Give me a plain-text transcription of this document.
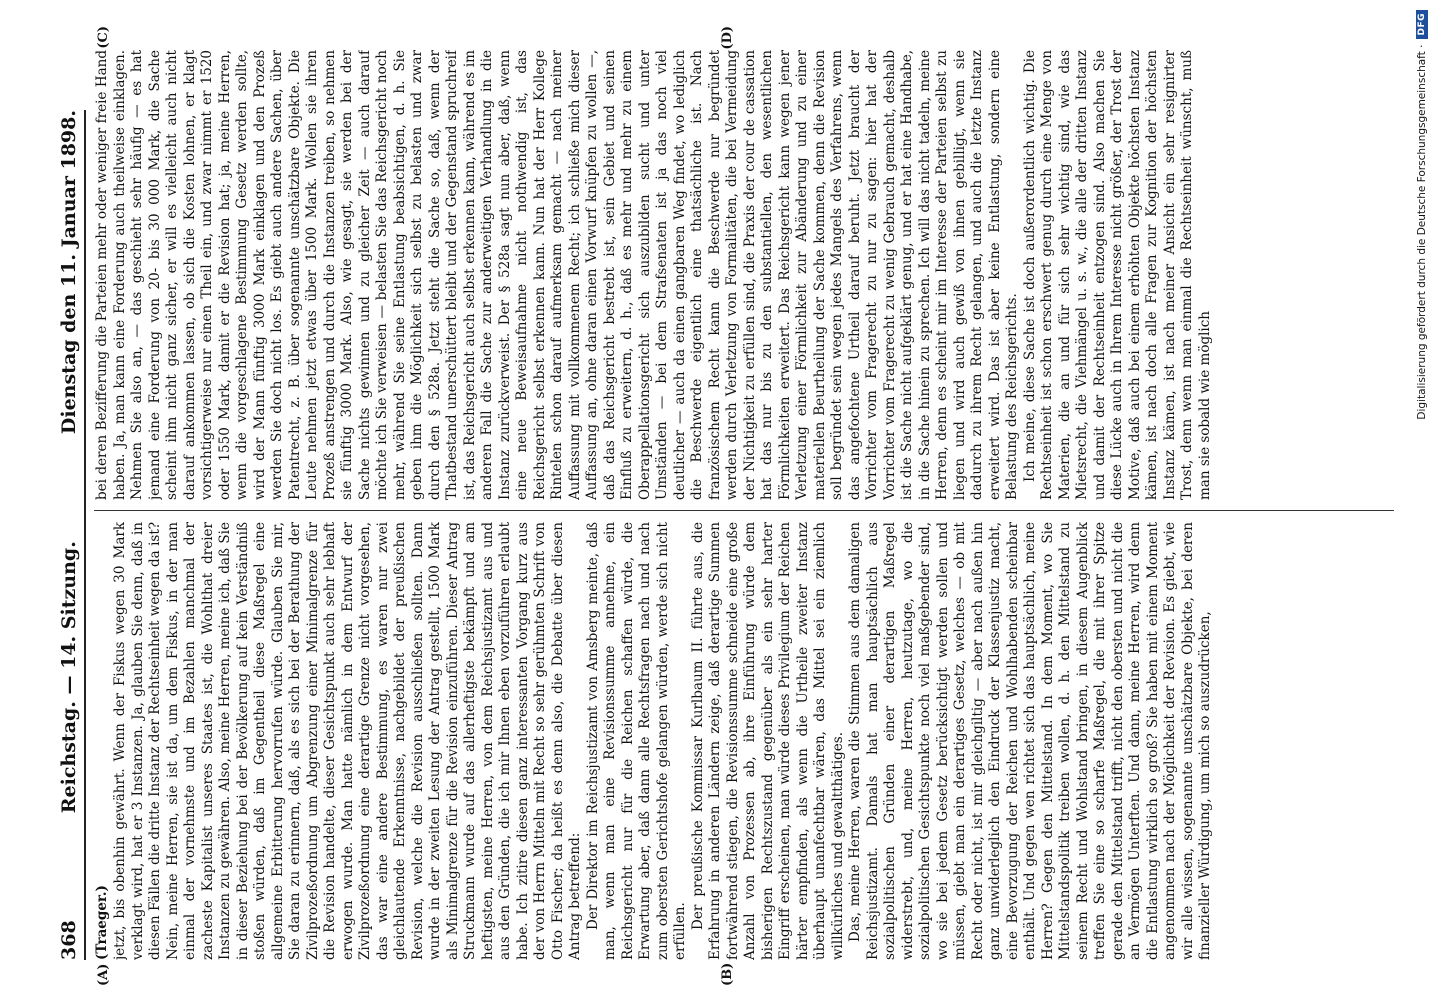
368
Reichstag. — 14. Sitzung.
Dienstag den 11. Januar 1898.
(Traeger.) jetzt, bis obenhin gewährt. Wenn der Fiskus wegen 30 Mark verklagt wird, hat er 3 Instanzen. Ja, glauben Sie denn, daß in diesen Fällen die dritte Instanz der Rechtseinheit wegen da ist? Nein, meine Herren, sie ist da, um dem Fiskus, in der man einmal der vornehmste und im Bezahlen manchmal der zacheste Kapitalist unseres Staates ist, die Wohlthat dreier Instanzen zu gewähren. Also, meine Herren, meine ich, daß Sie in dieser Beziehung bei der Bevölkerung auf kein Verständniß stoßen würden, daß im Gegentheil diese Maßregel eine allgemeine Erbitterung hervorrufen würde. Glauben Sie mir, Sie daran zu erinnern, daß, als es sich bei der Berathung der Zivilprozeßordnung um Abgrenzung einer Minimalgrenze für die Revision handelte, dieser Gesichtspunkt auch sehr lebhaft erwogen wurde. Man hatte nämlich in dem Entwurf der Zivilprozeßordnung eine derartige Grenze nicht vorgesehen, das war eine andere Bestimmung, es waren nur zwei gleichlautende Erkenntnisse, nachgebildet der preußischen Revision, welche die Revision ausschließen sollten. Dann wurde in der zweiten Lesung der Antrag gestellt, 1500 Mark als Minimalgrenze für die Revision einzuführen. Dieser Antrag Struckmann wurde auf das allerheftigste bekämpft und am heftigsten, meine Herren, von dem Reichsjustizamt aus und aus den Gründen, die ich mir Ihnen eben vorzuführen erlaubt habe. Ich zitire diesen ganz interessanten Vorgang kurz aus der von Herrn Mitteln mit Recht so sehr gerühmten Schrift von Otto Fischer; da heißt es denn also, die Debatte über diesen Antrag betreffend: Der Direktor im Reichsjustizamt von Amsberg meinte, daß man, wenn man eine Revisionssumme annehme, ein Reichsgericht nur für die Reichen schaffen würde, die Erwartung aber, daß dann alle Rechtsfragen nach und nach zum obersten Gerichtshofe gelangen würden, werde sich nicht erfüllen.

Der preußische Kommissar Kurlbaum II. führte aus, die Erfahrung in anderen Ländern zeige, daß derartige Summen fortwährend stiegen, die Revisionssumme schneide eine große Anzahl von Prozessen ab, ihre Einführung würde dem bisherigen Rechtszustand gegenüber als ein sehr harter Eingriff erscheinen, man würde dieses Privilegium der Reichen härter empfinden, als wenn die Urtheile zweiter Instanz überhaupt unanfechtbar wären, das Mittel sei ein ziemlich willkürliches und gewaltthätiges. Das, meine Herren, waren die Stimmen aus dem damaligen Reichsjustizamt. Damals hat man hauptsächlich aus sozialpolitischen Gründen einer derartigen Maßregel widerstrebt, und, meine Herren, heutzutage, wo die sozialpolitischen Gesichtspunkte noch viel maßgebender sind, wo sie bei jedem Gesetz berücksichtigt werden sollen und müssen, giebt man ein derartiges Gesetz, welches — ob mit Recht oder nicht, ist mir gleichgiltig — aber nach außen hin ganz unwiderleglich den Eindruck der Klassenjustiz macht, eine Bevorzugung der Reichen und Wohlhabenden scheinbar enthält. Und gegen wen richtet sich das hauptsächlich, meine Herren? Gegen den Mittelstand. In dem Moment, wo Sie Mittelstandspolitik treiben wollen, d. h. den Mittelstand zu seinem Recht und Wohlstand bringen, in diesem Augenblick treffen Sie eine so scharfe Maßregel, die mit ihrer Spitze gerade den Mittelstand trifft, nicht den obersten und nicht die an Vermögen Unterften. Und dann, meine Herren, wird denn die Entlastung wirklich so groß? Sie haben mit einem Moment angenommen nach der Möglichkeit der Revision. Es giebt, wie wir alle wissen, sogenannte unschätzbare Objekte, bei deren finanzieller Würdigung, um mich so auszudrücken,

bei deren Bezifferung die Parteien mehr oder weniger freie Hand haben. Ja, man kann eine Forderung auch theilweise einklagen. Nehmen Sie also an, — das geschieht sehr häufig — es hat jemand eine Forderung von 20- bis 30 000 Mark, die Sache scheint ihm nicht ganz sicher, er will es vielleicht auch nicht darauf ankommen lassen, ob sich die Kosten lohnen, er klagt vorsichtigerweise nur einen Theil ein, und zwar nimmt er 1520 oder 1550 Mark, damit er die Revision hat; ja, meine Herren, wenn die vorgeschlagene Bestimmung Gesetz werden sollte, wird der Mann fünftig 3000 Mark einklagen und den Prozeß werden Sie doch nicht los. Es giebt auch andere Sachen, über Patentrecht, z. B. über sogenannte unschätzbare Objekte. Die Leute nehmen jetzt etwas über 1500 Mark. Wollen sie ihren Prozeß anstrengen und durch die Instanzen treiben, so nehmen sie fünftig 3000 Mark. Also, wie gesagt, sie werden bei der Sache nichts gewinnen und zu gleicher Zeit — auch darauf möchte ich Sie verweisen — belasten Sie das Reichsgericht noch mehr, während Sie seine Entlastung beabsichtigen, d. h. Sie geben ihm die Möglichkeit sich selbst zu belasten und zwar durch den § 528a. Jetzt steht die Sache so, daß, wenn der Thatbestand unerschüttert bleibt und der Gegenstand spruchreif ist, das Reichsgericht auch selbst erkennen kann, während es im anderen Fall die Sache zur anderweitigen Verhandlung in die Instanz zurückverweist. Der § 528a sagt nun aber, daß, wenn eine neue Beweisaufnahme nicht nothwendig ist, das Reichsgericht selbst erkennen kann. Nun hat der Herr Kollege Rintelen schon darauf aufmerksam gemacht — nach meiner Auffassung mit vollkommenem Recht; ich schließe mich dieser Auffassung an, ohne daran einen Vorwurf knüpfen zu wollen —, daß das Reichsgericht bestrebt ist, sein Gebiet und seinen Einfluß zu erweitern, d. h., daß es mehr und mehr zu einem Oberappellationsgericht sich auszubilden sucht und unter Umständen — bei dem Strafsenaten ist ja das noch viel deutlicher — auch da einen gangbaren Weg findet, wo lediglich die Beschwerde eigentlich eine thatsächliche ist. Nach französischem Recht kann die Beschwerde nur begründet werden durch Verletzung von Formalitäten, die bei Vermeidung der Nichtigkeit zu erfüllen sind, die Praxis der cour de cassation hat das nur bis zu den substantiellen, den wesentlichen Förmlichkeiten erweitert. Das Reichsgericht kann wegen jener Verletzung einer Förmlichkeit zur Abänderung und zu einer materiellen Beurtheilung der Sache kommen, denn die Revision soll begründet sein wegen jedes Mangels des Verfahrens, wenn das angefochtene Urtheil darauf beruht. Jetzt braucht der Vorrichter vom Fragerecht zu nur zu sagen: hier hat der Vorrichter vom Fragerecht zu wenig Gebrauch gemacht, deshalb ist die Sache nicht aufgeklärt genug, und er hat eine Handhabe, in die Sache hinein zu sprechen. Ich will das nicht tadeln, meine Herren, denn es scheint mir im Interesse der Parteien selbst zu liegen und wird auch gewiß von ihnen gebilligt, wenn sie dadurch zu ihrem Recht gelangen, und auch die letzte Instanz erweitert wird. Das ist aber keine Entlastung, sondern eine Belastung des Reichsgerichts. Ich meine, diese Sache ist doch außerordentlich wichtig. Die Rechtseinheit ist schon erschwert genug durch eine Menge von Materien, die an und für sich sehr wichtig sind, wie das Mietsrecht, die Viehmängel u. s. w., die alle der dritten Instanz und damit der Rechtseinheit entzogen sind. Also machen Sie diese Lücke auch in Ihrem Interesse nicht größer, der Trost der Motive, daß auch bei einem erhöhten Objekte höchsten Instanz kämen, ist nach doch alle Fragen zur Kognition der höchsten Instanz kämen, ist nach meiner Ansicht ein sehr resignirter Trost, denn wenn man einmal die Rechtseinheit wünscht, muß man sie sobald wie möglich

(A)	(B)
(C)	(D)
Digitalisierung gefördert durch die Deutsche Forschungsgemeinschaft ·
DFG
